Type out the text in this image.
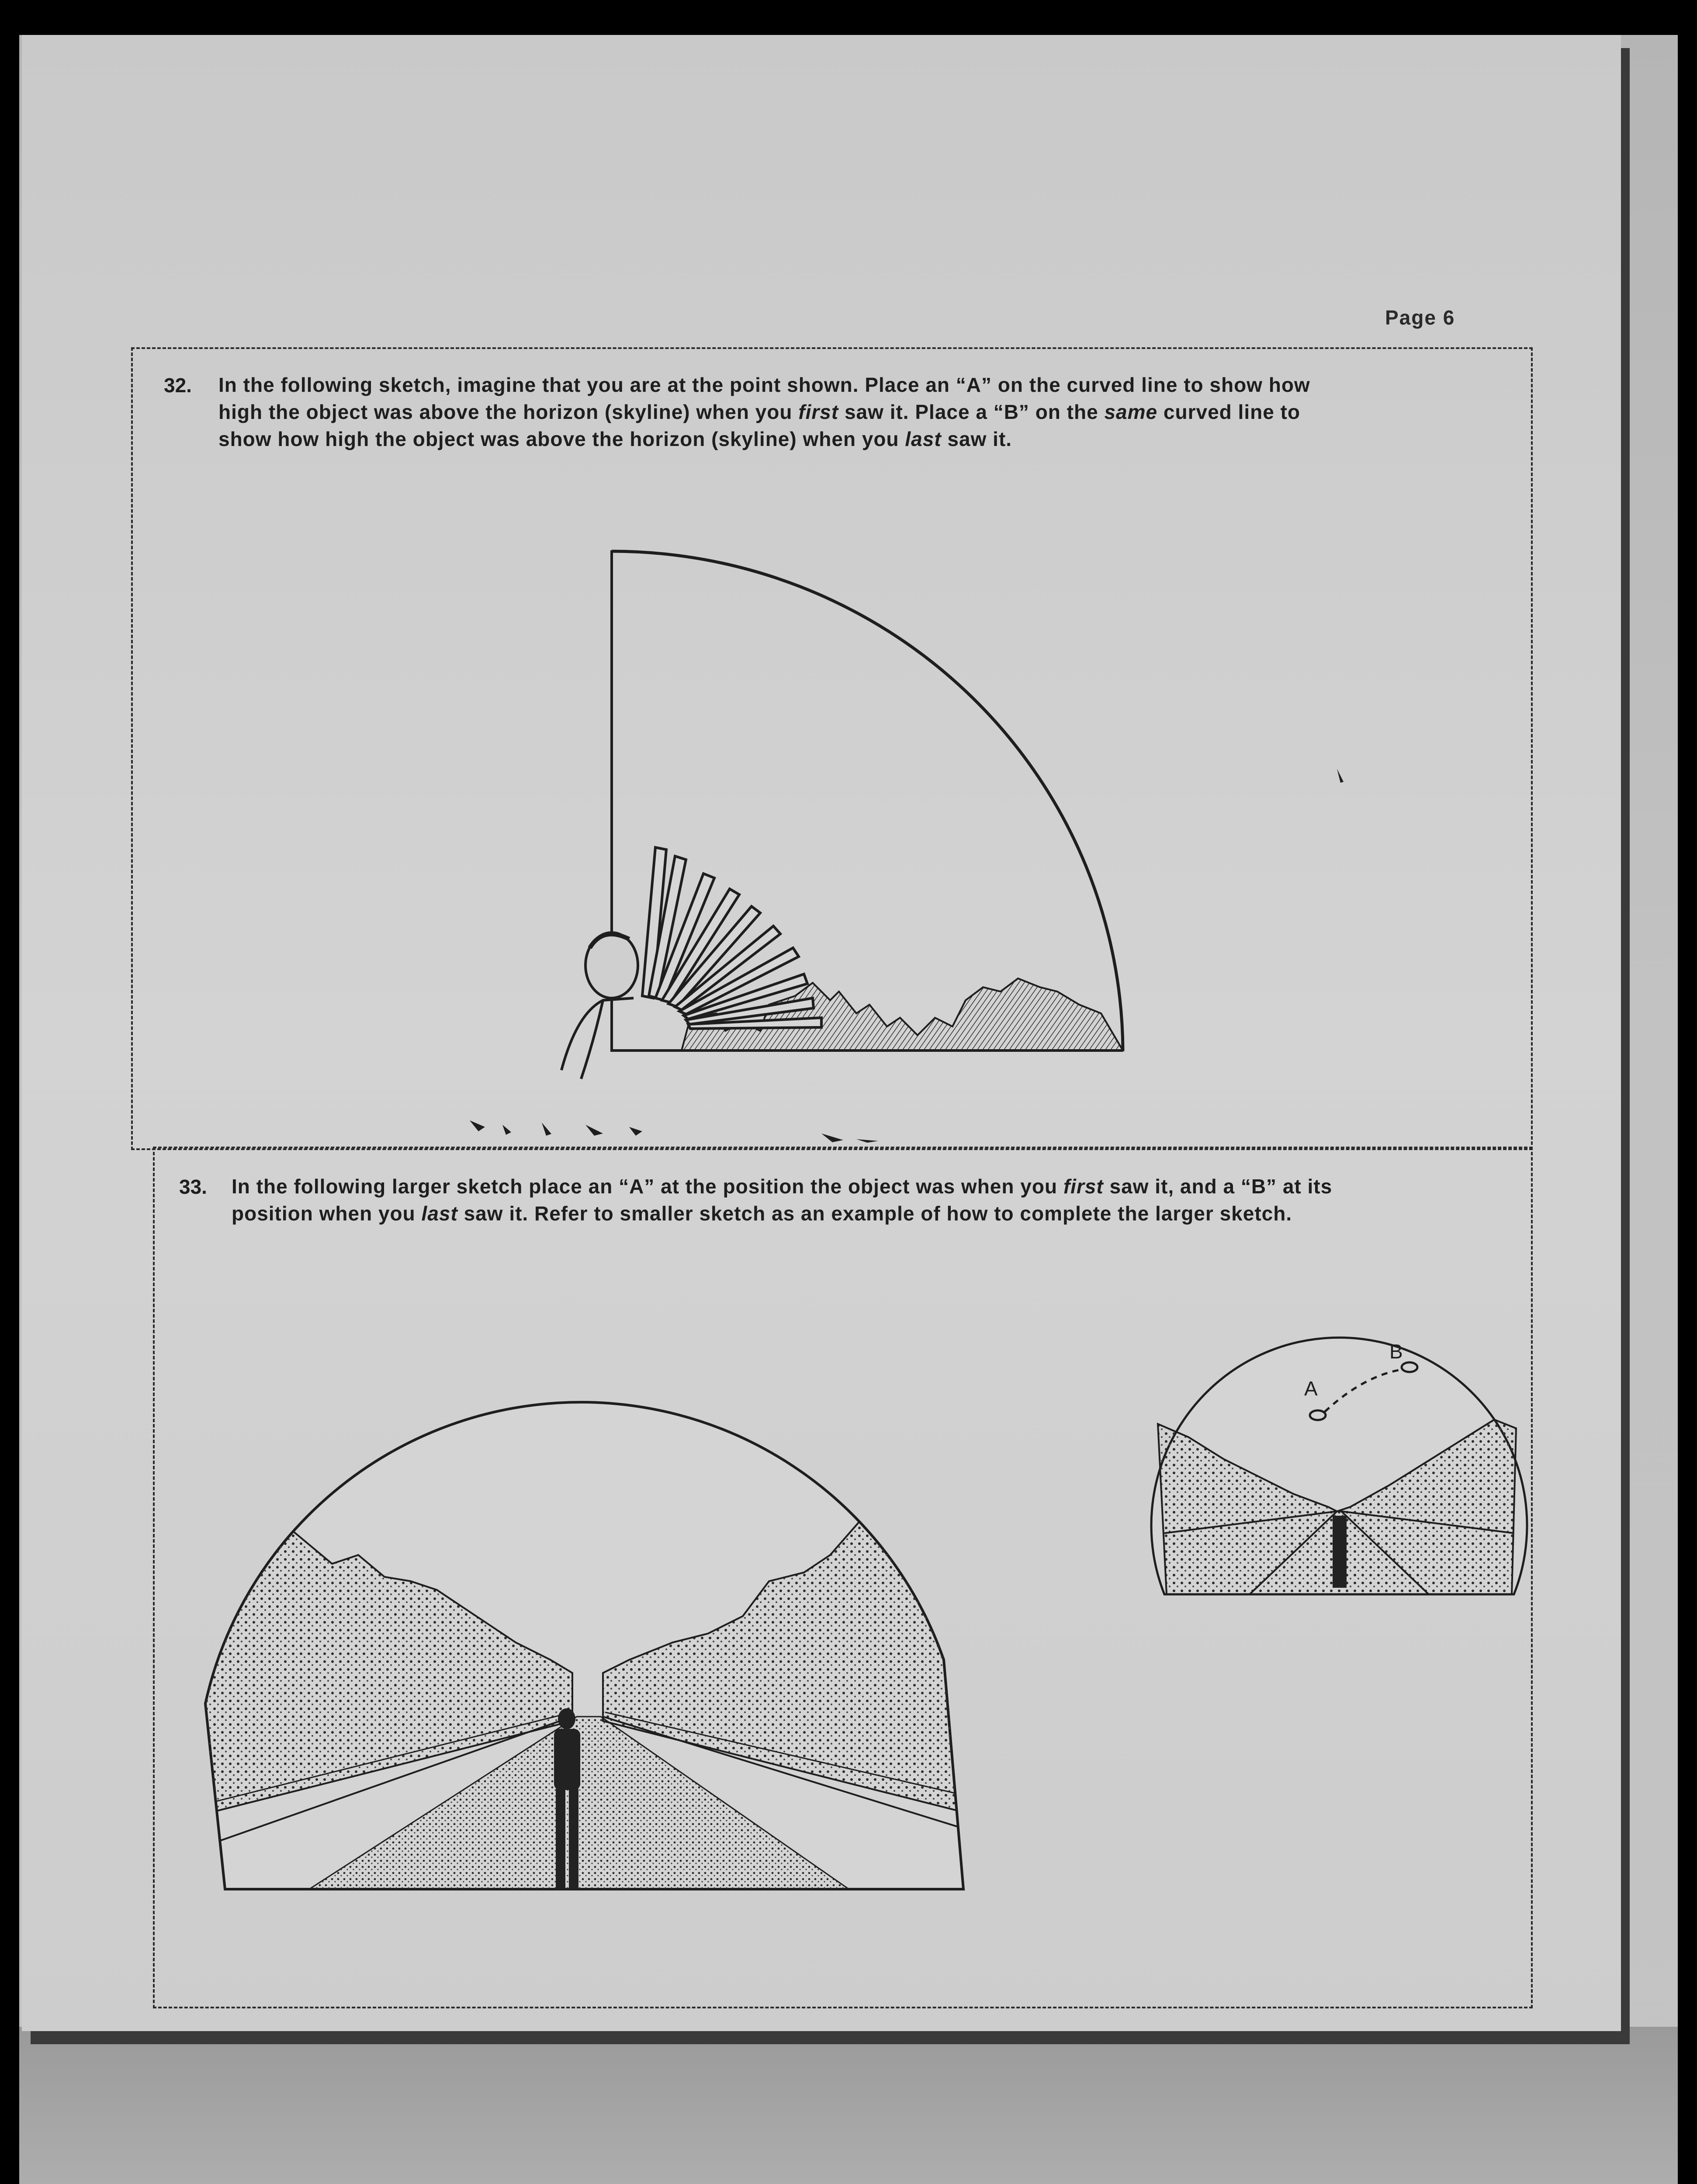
Page 6
32. In the following sketch, imagine that you are at the point shown. Place an “A” on the curved line to show how
high the object was above the horizon (skyline) when you first saw it. Place a “B” on the same curved line to
show how high the object was above the horizon (skyline) when you last saw it.
33. In the following larger sketch place an “A” at the position the object was when you first saw it, and a “B” at its
position when you last saw it. Refer to smaller sketch as an example of how to complete the larger sketch.
A
B
